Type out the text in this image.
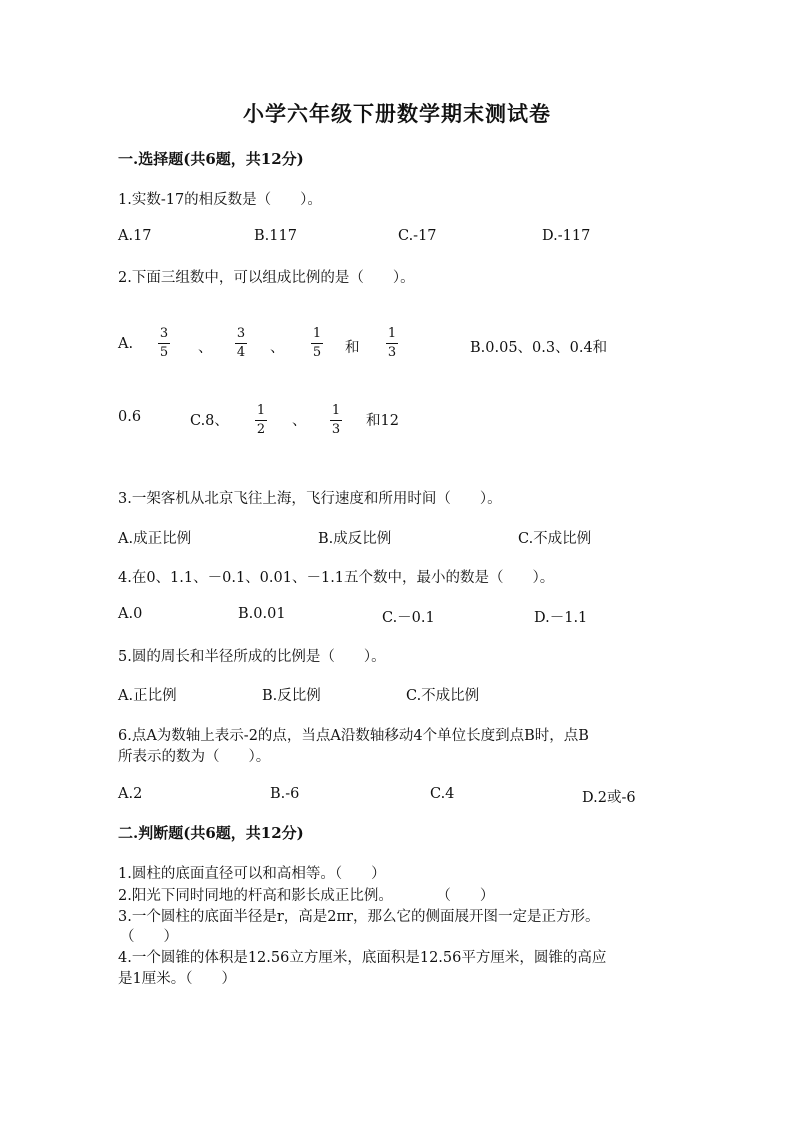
小学六年级下册数学期末测试卷
一.选择题(共6题，共12分)
1.实数-17的相反数是（　　）。
A.17	B.117	C.-17	D.-117
2.下面三组数中，可以组成比例的是（　　）。
A.
3
5 、
3
4 、
1
5 和
1
3	B.0.05、0.3、0.4和
0.6	C.8、
1
2
、
1
3
和12
3.一架客机从北京飞往上海，飞行速度和所用时间（　　）。
A.成正比例	B.成反比例	C.不成比例
4.在0、1.1、－0.1、0.01、－1.1五个数中，最小的数是（　　）。
A.0	B.0.01	C.－0.1	D.－1.1
5.圆的周长和半径所成的比例是（　　）。
A.正比例	B.反比例	C.不成比例
6.点A为数轴上表示-2的点，当点A沿数轴移动4个单位长度到点B时，点B
所表示的数为（　　）。
A.2	B.-6	C.4	D.2或-6
二.判断题(共6题，共12分)
1.圆柱的底面直径可以和高相等。（　　）
2.阳光下同时同地的杆高和影长成正比例。　　　　（　　）
3.一个圆柱的底面半径是r，高是2πr，那么它的侧面展开图一定是正方形。
（　　）
4.一个圆锥的体积是12.56立方厘米，底面积是12.56平方厘米，圆锥的高应
是1厘米。（　　）
